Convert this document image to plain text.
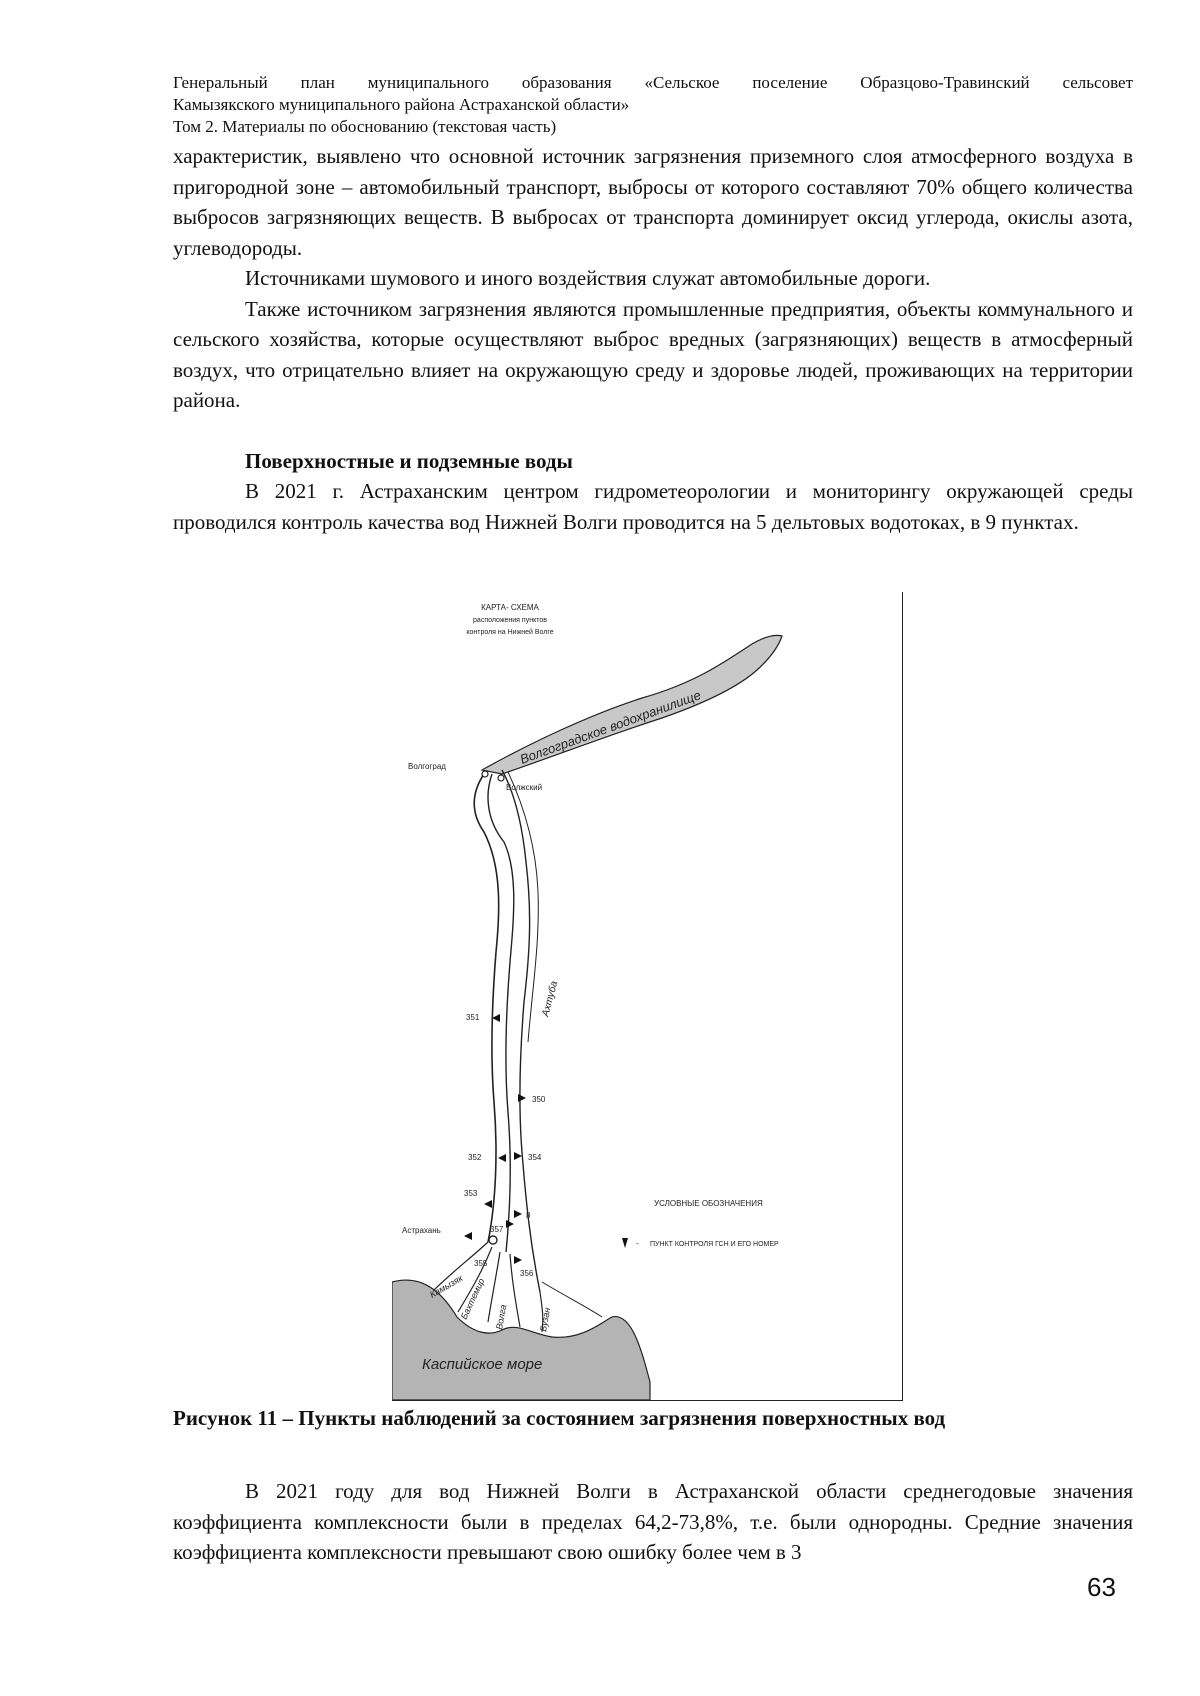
Генеральный план муниципального образования «Сельское поселение Образцово-Травинский сельсовет
Камызякского муниципального района Астраханской области»
Том 2. Материалы по обоснованию (текстовая часть)

характеристик, выявлено что основной источник загрязнения приземного слоя атмосферного воздуха в пригородной зоне – автомобильный транспорт, выбросы от которого составляют 70% общего количества выбросов загрязняющих веществ. В выбросах от транспорта доминирует оксид углерода, окислы азота, углеводороды.

Источниками шумового и иного воздействия служат автомобильные дороги.

Также источником загрязнения являются промышленные предприятия, объекты коммунального и сельского хозяйства, которые осуществляют выброс вредных (загрязняющих) веществ в атмосферный воздух, что отрицательно влияет на окружающую среду и здоровье людей, проживающих на территории района.

Поверхностные и подземные воды

В 2021 г. Астраханским центром гидрометеорологии и мониторингу окружающей среды проводился контроль качества вод Нижней Волги проводится на 5 дельтовых водотоках, в 9 пунктах.

КАРТА- СХЕМА
расположения пунктов
контроля на Нижней Волге
Волгоградское водохранилище
Каспийское море
Волгоград
Волжский
Астрахань
Ахтуба
Камызяк
Бахтемир Волга	Бузан
351
350
352	354
353
357
8
356
355
УСЛОВНЫЕ ОБОЗНАЧЕНИЯ
- ПУНКТ КОНТРОЛЯ ГСН И ЕГО НОМЕР
Рисунок 11 – Пункты наблюдений за состоянием загрязнения поверхностных вод

В 2021 году для вод Нижней Волги в Астраханской области среднегодовые значения коэффициента комплексности были в пределах 64,2-73,8%, т.е. были однородны. Средние значения коэффициента комплексности превышают свою ошибку более чем в 3

63
